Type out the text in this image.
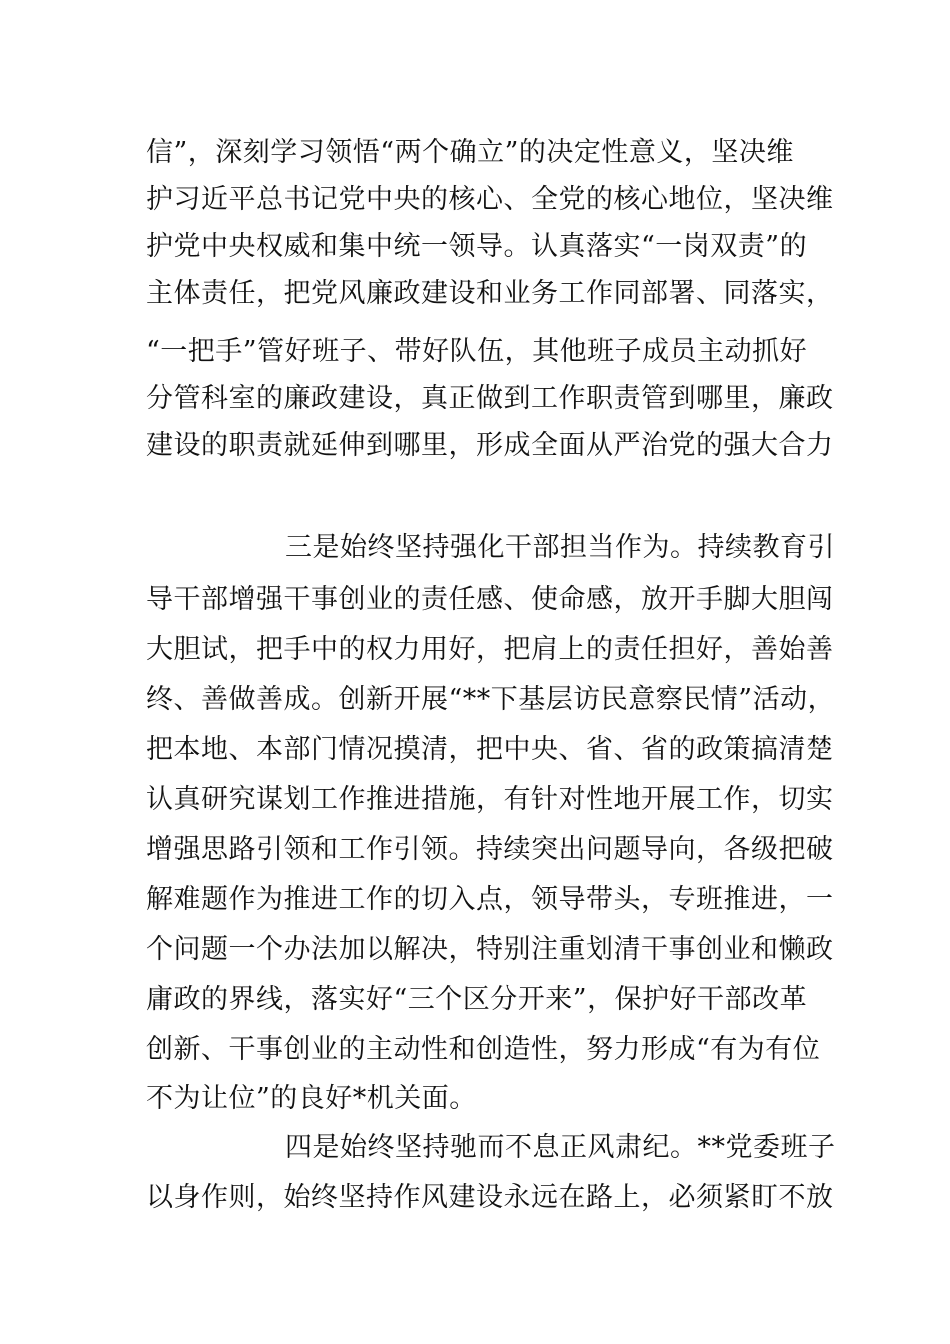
信”，深刻学习领悟“两个确立”的决定性意义，坚决维
护习近平总书记党中央的核心、全党的核心地位，坚决维
护党中央权威和集中统一领导。认真落实“一岗双责”的
主体责任，把党风廉政建设和业务工作同部署、同落实，
“一把手”管好班子、带好队伍，其他班子成员主动抓好
分管科室的廉政建设，真正做到工作职责管到哪里，廉政
建设的职责就延伸到哪里，形成全面从严治党的强大合力
三是始终坚持强化干部担当作为。持续教育引
导干部增强干事创业的责任感、使命感，放开手脚大胆闯
大胆试，把手中的权力用好，把肩上的责任担好，善始善
终、善做善成。创新开展“**下基层访民意察民情”活动，
把本地、本部门情况摸清，把中央、省、省的政策搞清楚
认真研究谋划工作推进措施，有针对性地开展工作，切实
增强思路引领和工作引领。持续突出问题导向，各级把破
解难题作为推进工作的切入点，领导带头，专班推进，一
个问题一个办法加以解决，特别注重划清干事创业和懒政
庸政的界线，落实好“三个区分开来”，保护好干部改革
创新、干事创业的主动性和创造性，努力形成“有为有位
不为让位”的良好*机关面。
四是始终坚持驰而不息正风肃纪。**党委班子
以身作则，始终坚持作风建设永远在路上，必须紧盯不放
